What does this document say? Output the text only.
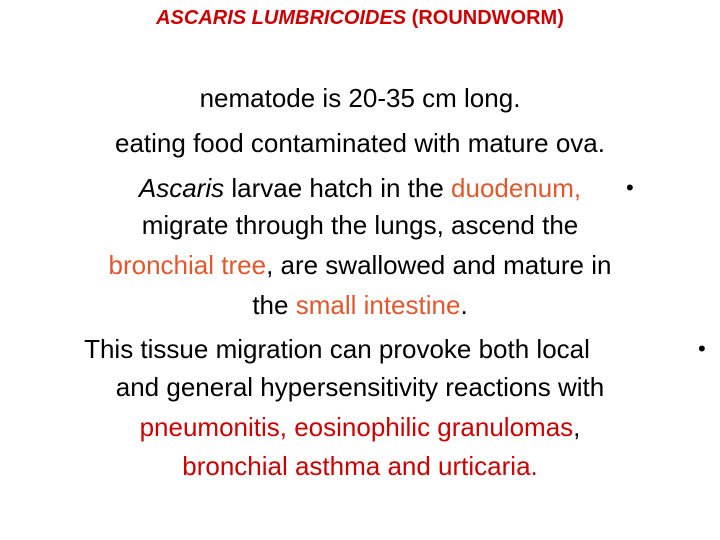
ASCARIS LUMBRICOIDES (ROUNDWORM)
nematode is 20-35 cm long.
eating food contaminated with mature ova.
Ascaris larvae hatch in the duodenum,	•
migrate through the lungs, ascend the
bronchial tree, are swallowed and mature in
the small intestine.
This tissue migration can provoke both local	•
and general hypersensitivity reactions with
pneumonitis, eosinophilic granulomas,
bronchial asthma and urticaria.
